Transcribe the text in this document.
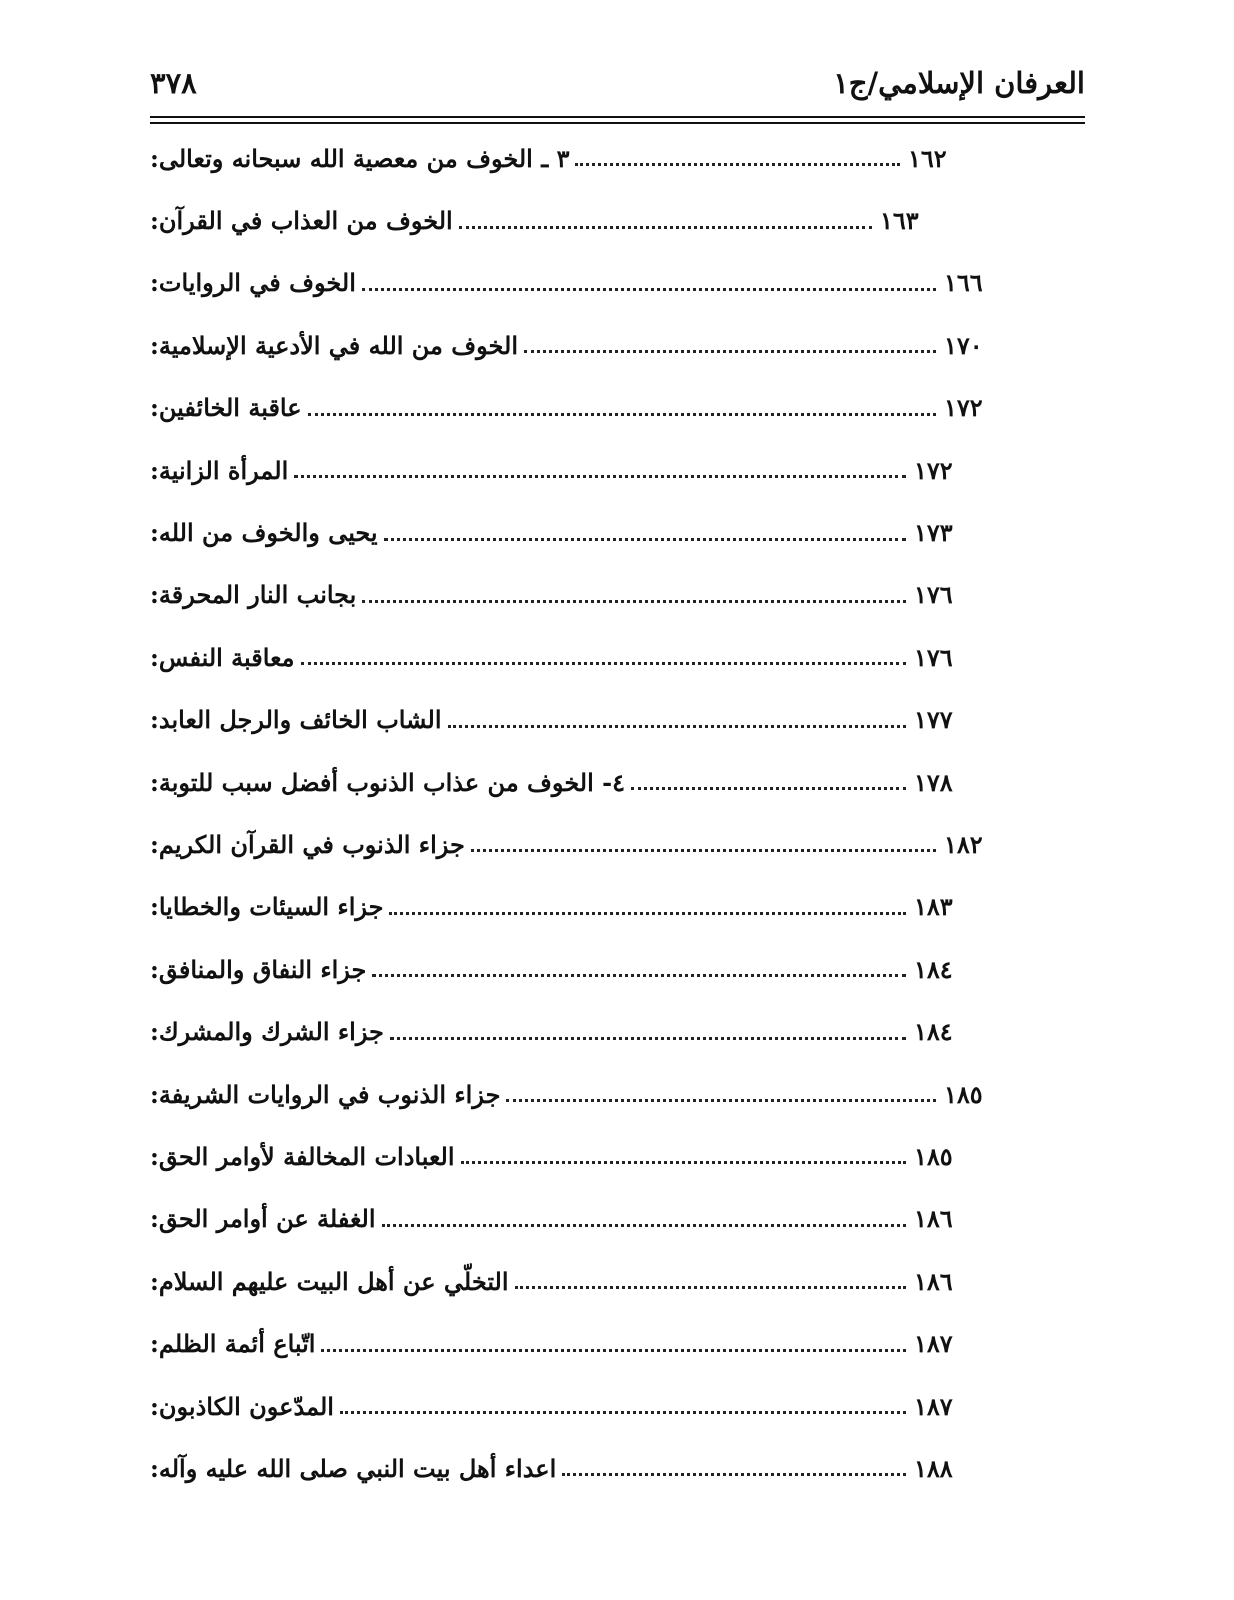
العرفان الإسلامي/ج١
٣٧٨
٣ ـ الخوف من معصية الله سبحانه وتعالى:	١٦٢
الخوف من العذاب في القرآن:	١٦٣
الخوف في الروايات:	١٦٦
الخوف من الله في الأدعية الإسلامية:	١٧٠
عاقبة الخائفين:	١٧٢
المرأة الزانية:	١٧٢
يحيى والخوف من الله:	١٧٣
بجانب النار المحرقة:	١٧٦
معاقبة النفس:	١٧٦
الشاب الخائف والرجل العابد:	١٧٧
٤- الخوف من عذاب الذنوب أفضل سبب للتوبة:	١٧٨
جزاء الذنوب في القرآن الكريم:	١٨٢
جزاء السيئات والخطايا:	١٨٣
جزاء النفاق والمنافق:	١٨٤
جزاء الشرك والمشرك:	١٨٤
جزاء الذنوب في الروايات الشريفة:	١٨٥
العبادات المخالفة لأوامر الحق:	١٨٥
الغفلة عن أوامر الحق:	١٨٦
التخلّي عن أهل البيت عليهم السلام:	١٨٦
اتّباع أئمة الظلم:	١٨٧
المدّعون الكاذبون:	١٨٧
اعداء أهل بيت النبي صلى الله عليه وآله:	١٨٨
